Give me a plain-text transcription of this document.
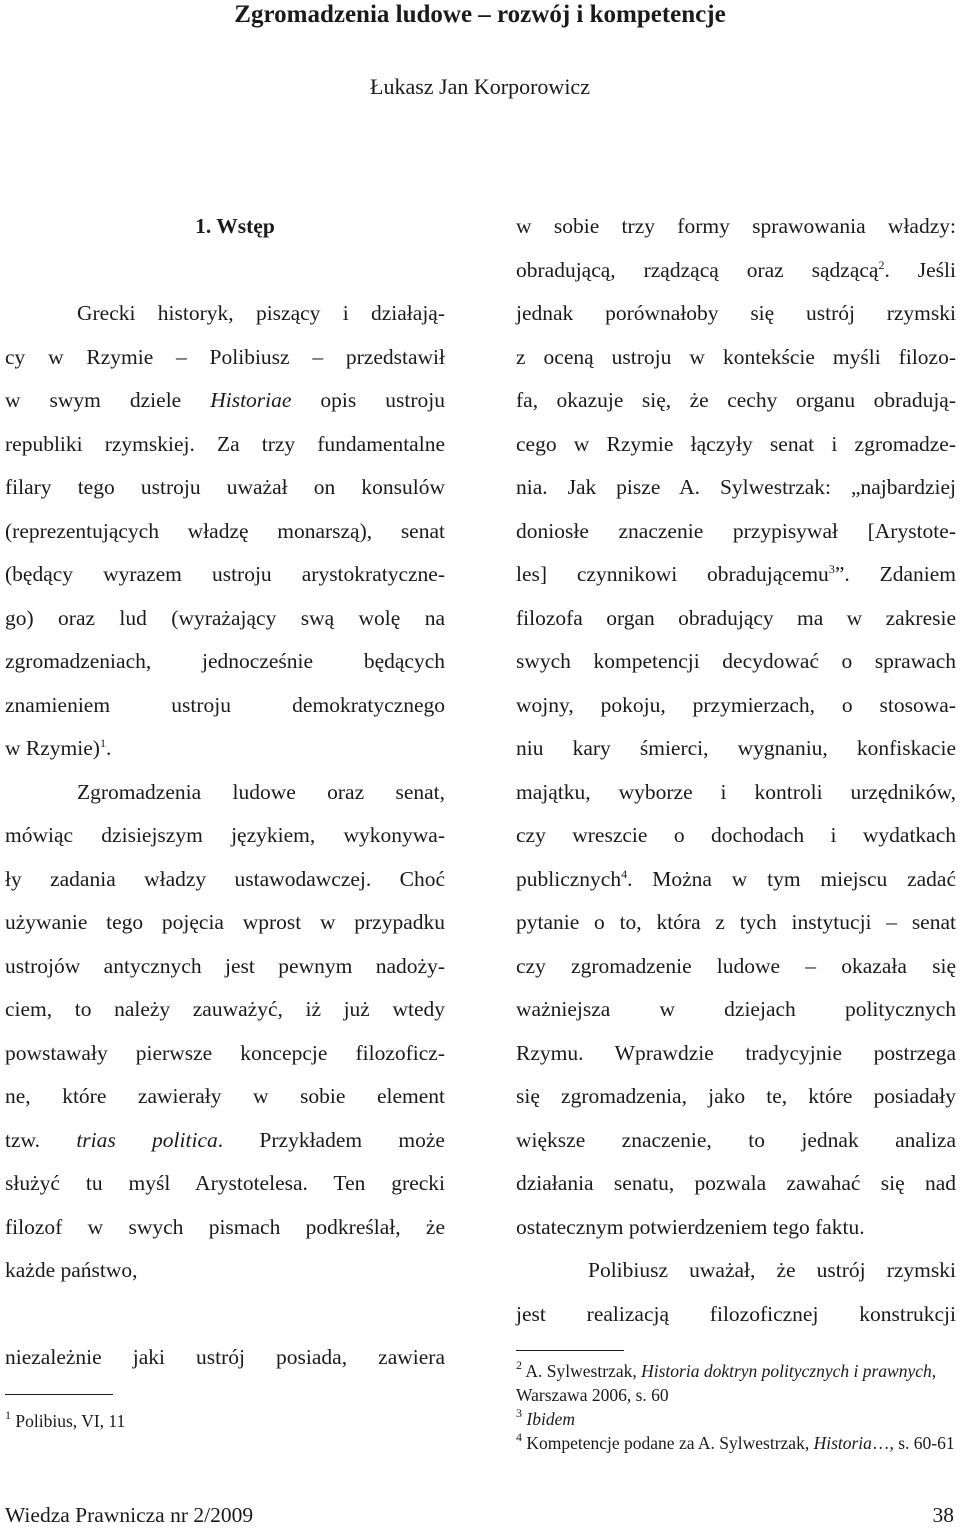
Zgromadzenia ludowe – rozwój i kompetencje
Łukasz Jan Korporowicz
1. Wstęp
Grecki historyk, piszący i działają-
cy w Rzymie – Polibiusz – przedstawił
w swym dziele Historiae opis ustroju
republiki rzymskiej. Za trzy fundamentalne
filary tego ustroju uważał on konsulów
(reprezentujących władzę monarszą), senat
(będący wyrazem ustroju arystokratyczne-
go) oraz lud (wyrażający swą wolę na
zgromadzeniach, jednocześnie będących
znamieniem ustroju demokratycznego
w Rzymie)$^1$.
Zgromadzenia ludowe oraz senat,
mówiąc dzisiejszym językiem, wykonywa-
ły zadania władzy ustawodawczej. Choć
używanie tego pojęcia wprost w przypadku
ustrojów antycznych jest pewnym nadoży-
ciem, to należy zauważyć, iż już wtedy
powstawały pierwsze koncepcje filozoficz-
ne, które zawierały w sobie element
tzw. trias politica. Przykładem może
służyć tu myśl Arystotelesa. Ten grecki
filozof w swych pismach podkreślał, że
każde państwo,
niezależnie jaki ustrój posiada, zawiera
$^1$ Polibius, VI, 11
w sobie trzy formy sprawowania władzy:
obradującą, rządzącą oraz sądzącą$^2$. Jeśli
jednak porównałoby się ustrój rzymski
z oceną ustroju w kontekście myśli filozo-
fa, okazuje się, że cechy organu obradują-
cego w Rzymie łączyły senat i zgromadze-
nia. Jak pisze A. Sylwestrzak: „najbardziej
doniosłe znaczenie przypisywał [Arystote-
les] czynnikowi obradującemu$^3$”. Zdaniem
filozofa organ obradujący ma w zakresie
swych kompetencji decydować o sprawach
wojny, pokoju, przymierzach, o stosowa-
niu kary śmierci, wygnaniu, konfiskacie
majątku, wyborze i kontroli urzędników,
czy wreszcie o dochodach i wydatkach
publicznych$^4$. Można w tym miejscu zadać
pytanie o to, która z tych instytucji – senat
czy zgromadzenie ludowe – okazała się
ważniejsza w dziejach politycznych
Rzymu. Wprawdzie tradycyjnie postrzega
się zgromadzenia, jako te, które posiadały
większe znaczenie, to jednak analiza
działania senatu, pozwala zawahać się nad
ostatecznym potwierdzeniem tego faktu.
Polibiusz uważał, że ustrój rzymski
jest realizacją filozoficznej konstrukcji
$^2$ A. Sylwestrzak, Historia doktryn politycznych i prawnych, Warszawa 2006, s. 60
$^3$ Ibidem
$^4$ Kompetencje podane za A. Sylwestrzak, Historia…, s. 60-61
Wiedza Prawnicza nr 2/2009	38
